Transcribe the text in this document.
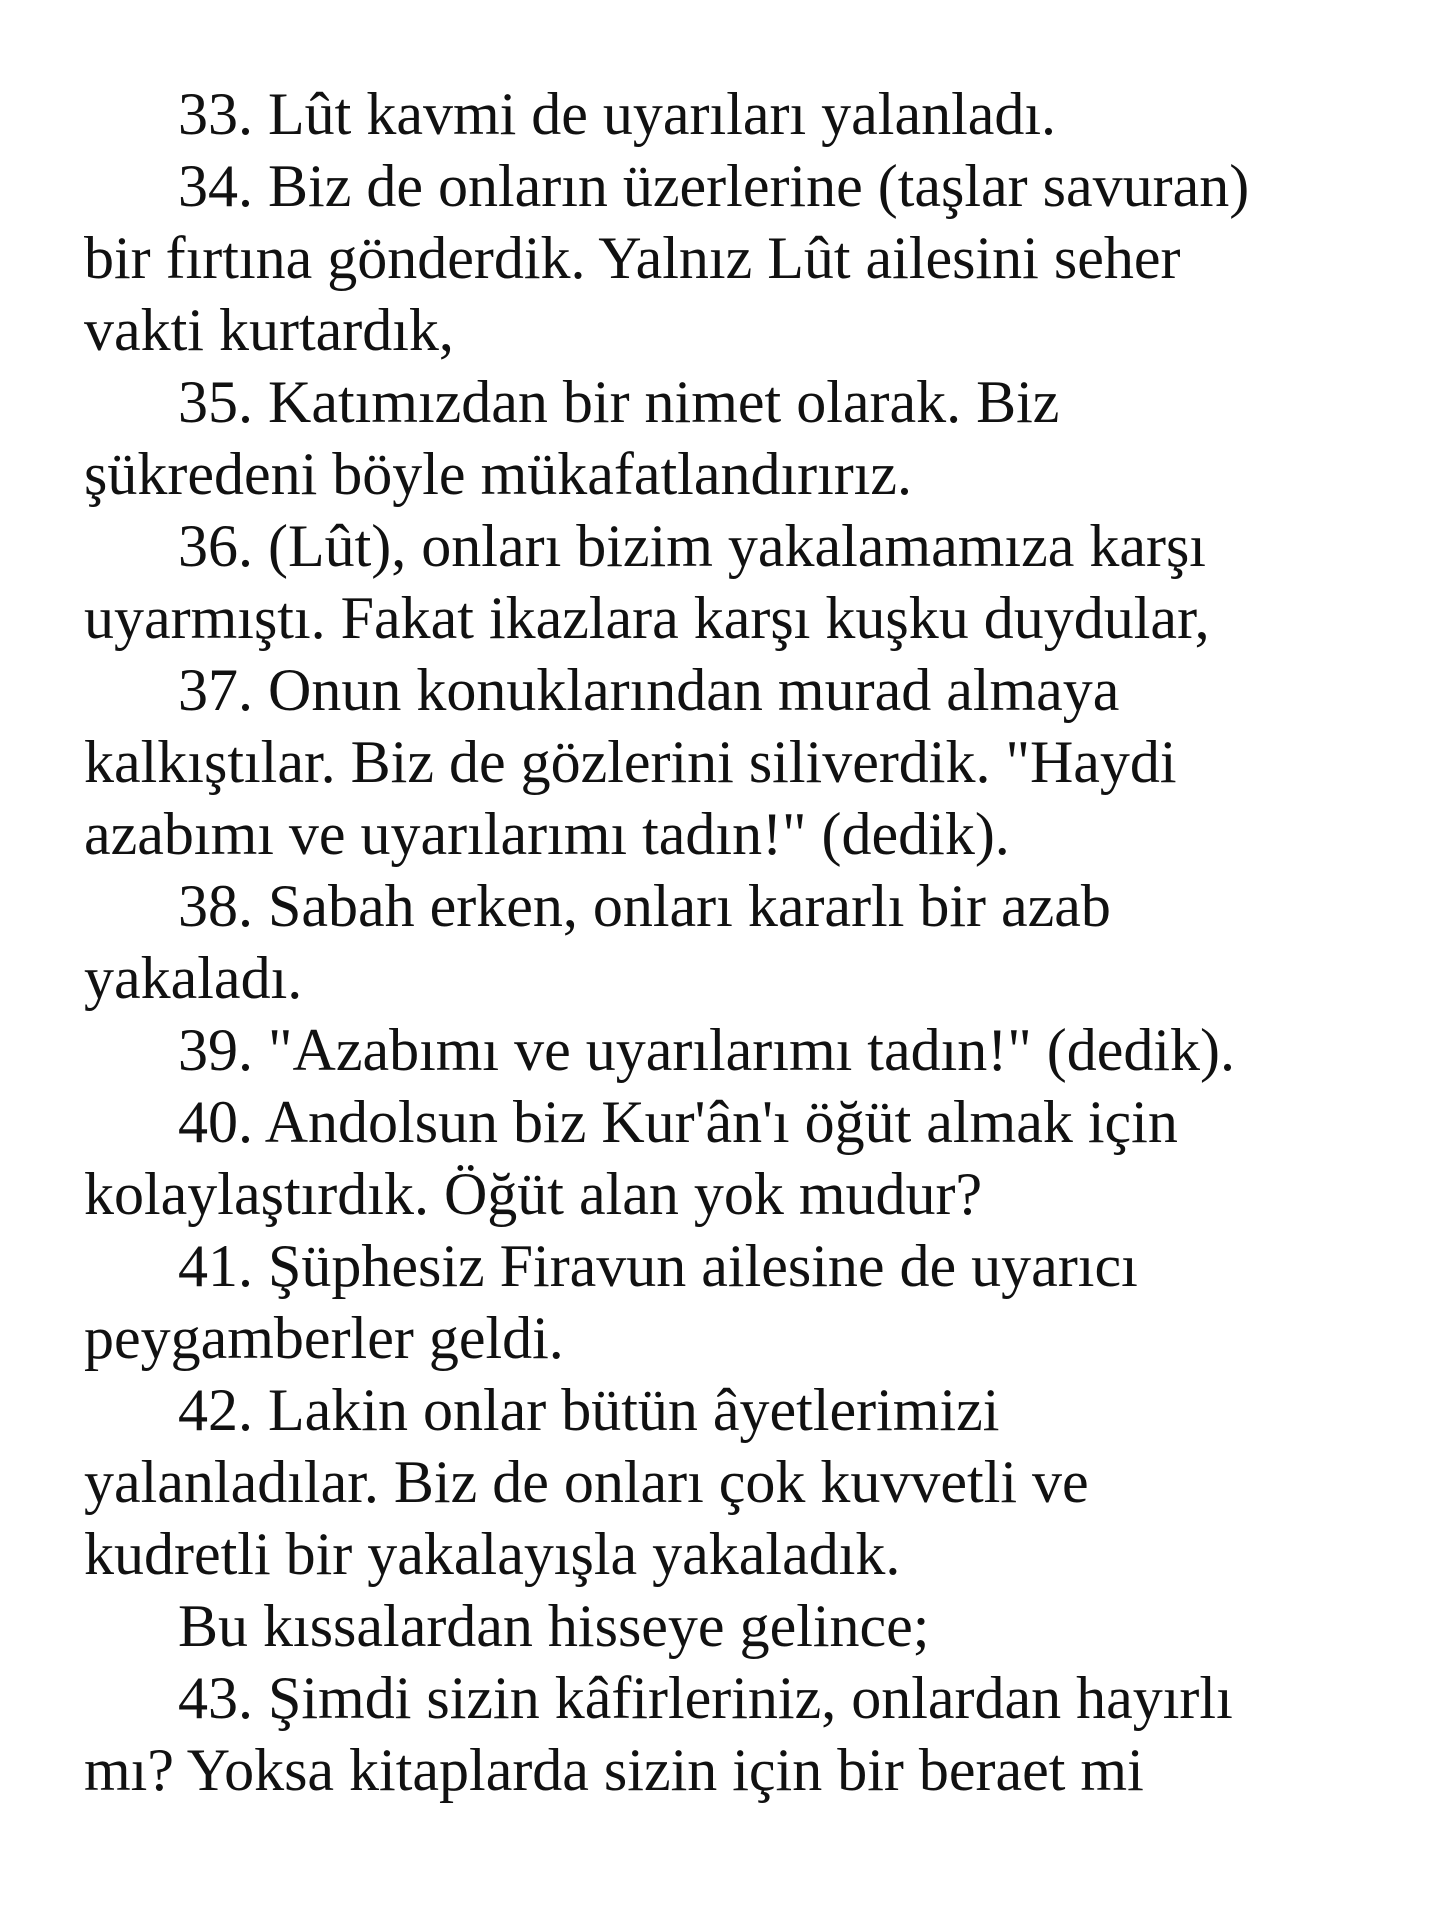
33. Lût kavmi de uyarıları yalanladı.

34. Biz de onların üzerlerine (taşlar savuran)
bir fırtına gönderdik. Yalnız Lût ailesini seher
vakti kurtardık,

35. Katımızdan bir nimet olarak. Biz
şükredeni böyle mükafatlandırırız.

36. (Lût), onları bizim yakalamamıza karşı
uyarmıştı. Fakat ikazlara karşı kuşku duydular,

37. Onun konuklarından murad almaya
kalkıştılar. Biz de gözlerini siliverdik. "Haydi
azabımı ve uyarılarımı tadın!" (dedik).

38. Sabah erken, onları kararlı bir azab
yakaladı.

39. "Azabımı ve uyarılarımı tadın!" (dedik).

40. Andolsun biz Kur'ân'ı öğüt almak için
kolaylaştırdık. Öğüt alan yok mudur?

41. Şüphesiz Firavun ailesine de uyarıcı
peygamberler geldi.

42. Lakin onlar bütün âyetlerimizi
yalanladılar. Biz de onları çok kuvvetli ve
kudretli bir yakalayışla yakaladık.

Bu kıssalardan hisseye gelince;

43. Şimdi sizin kâfirleriniz, onlardan hayırlı
mı? Yoksa kitaplarda sizin için bir beraet mi
